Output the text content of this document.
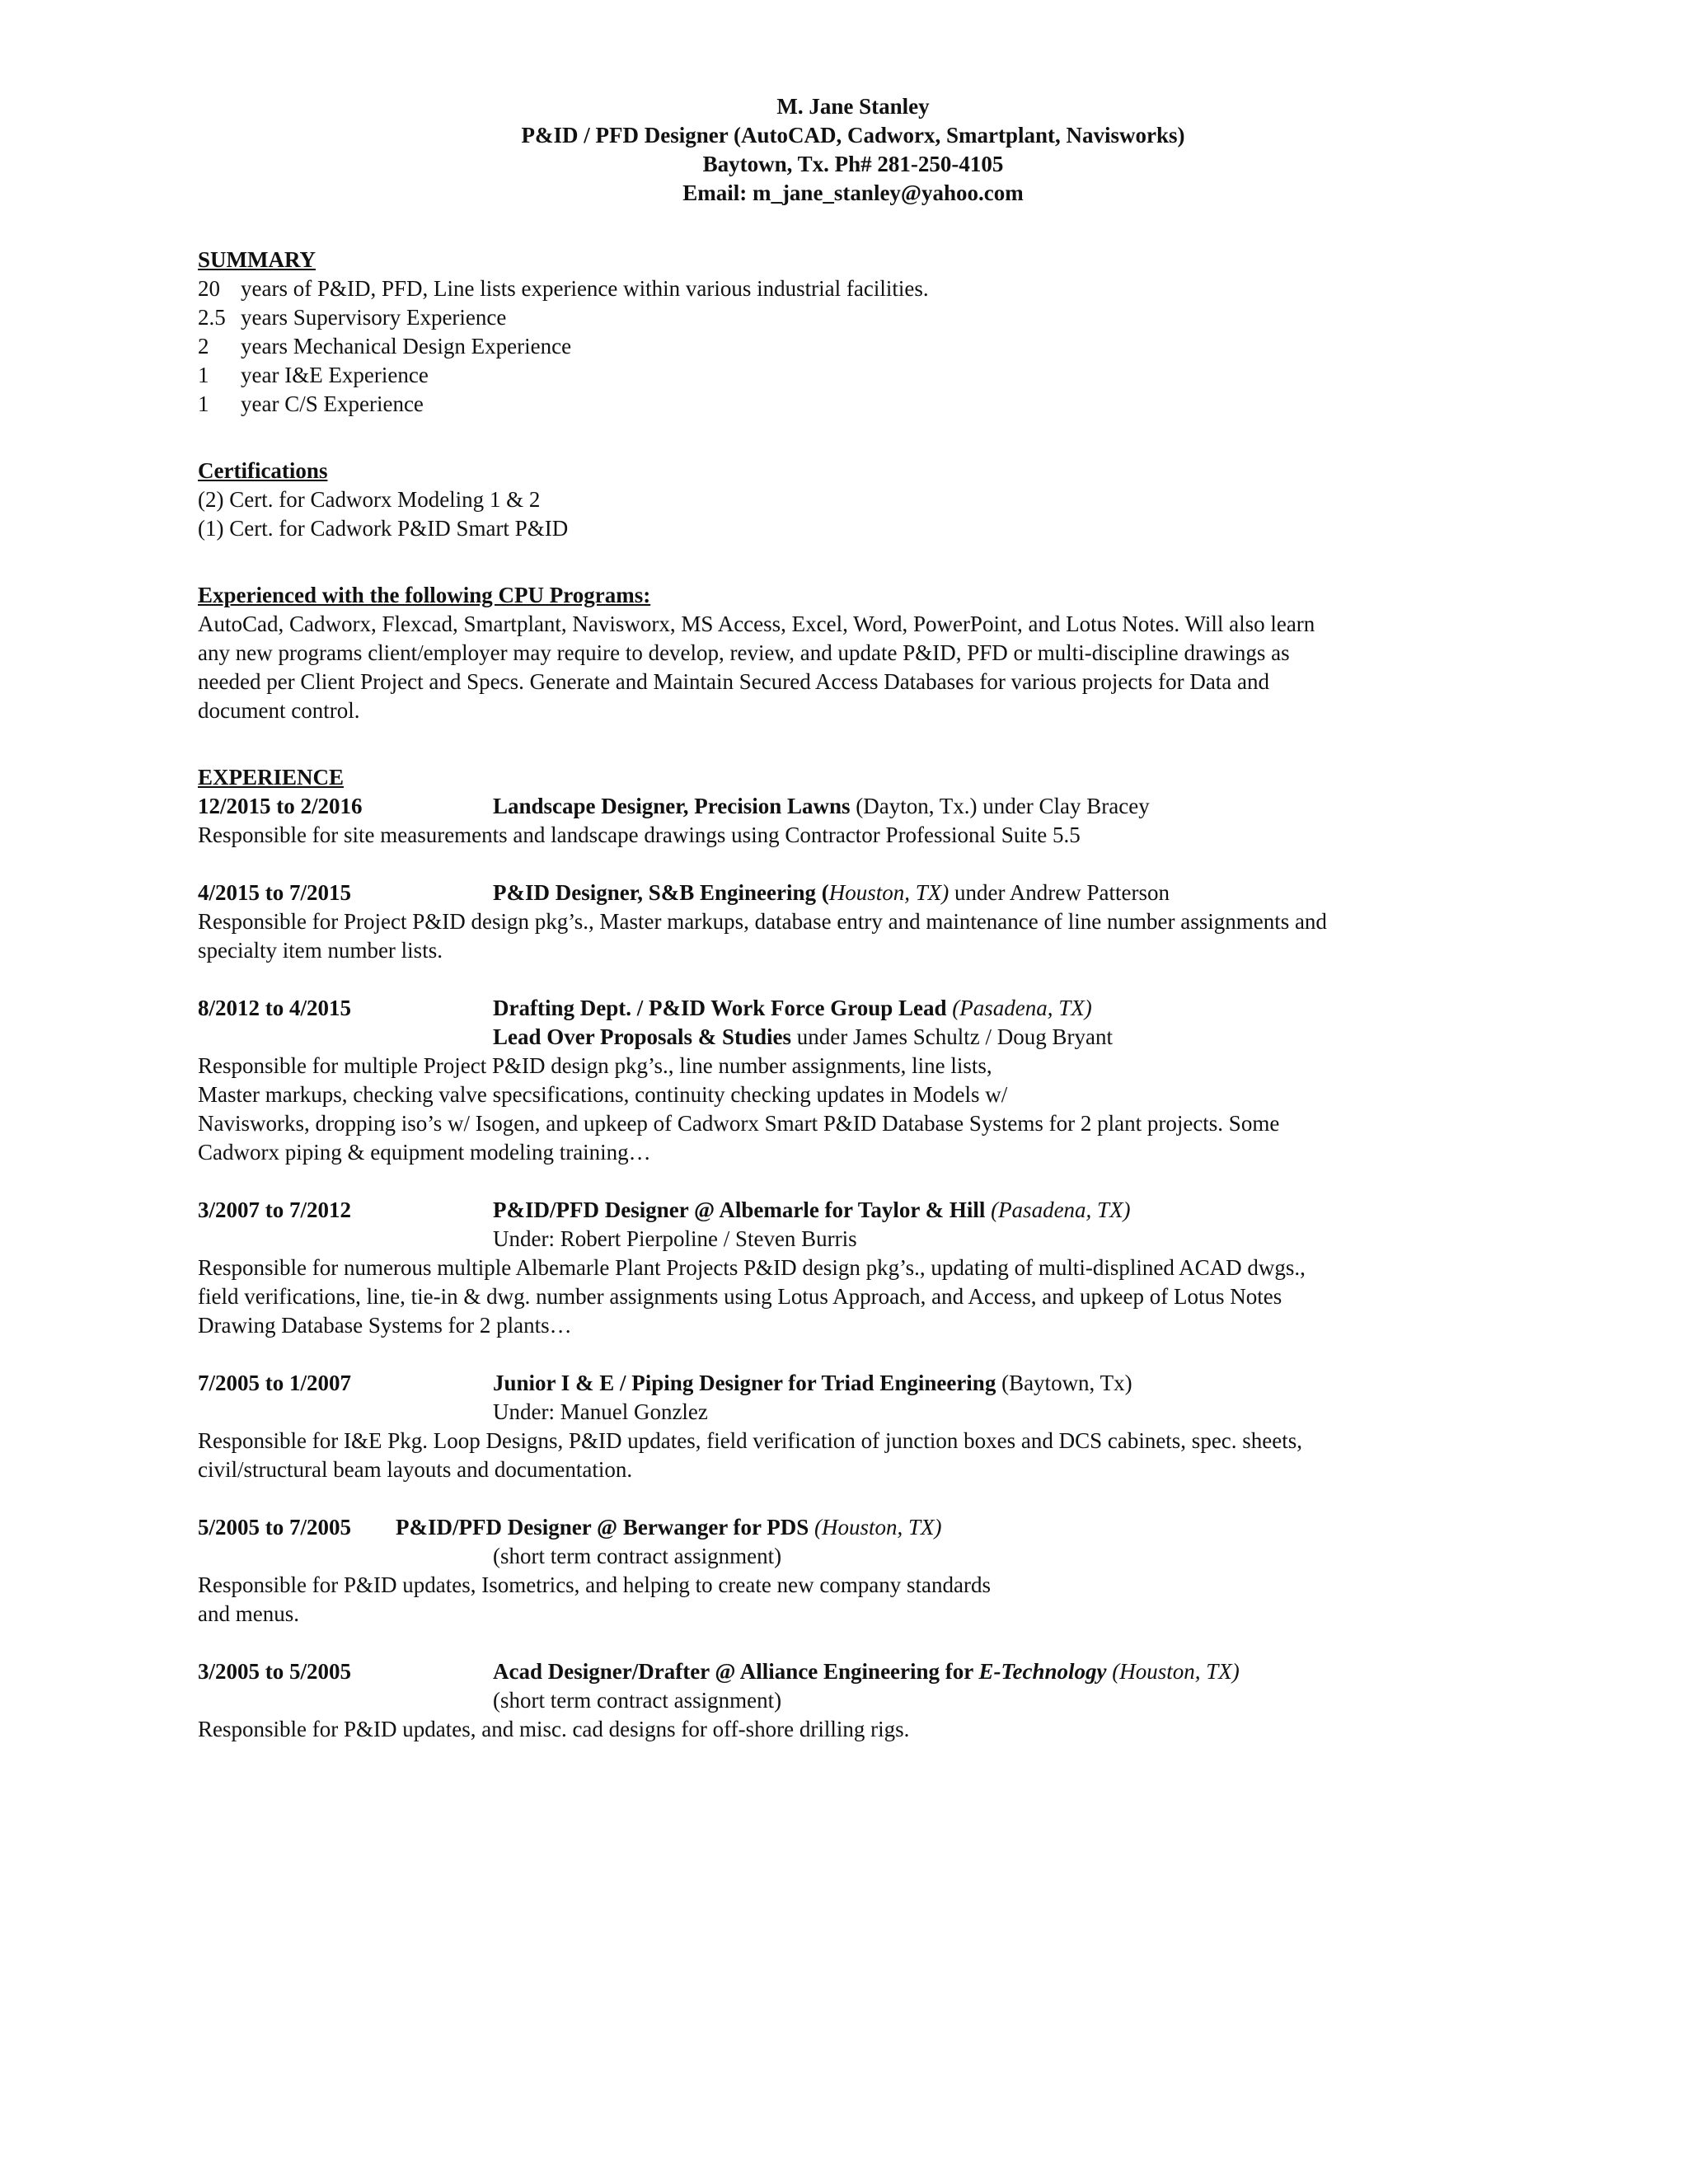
M. Jane Stanley
P&ID / PFD Designer (AutoCAD, Cadworx, Smartplant, Navisworks)
Baytown, Tx. Ph# 281-250-4105
Email: m_jane_stanley@yahoo.com
SUMMARY
20 years of P&ID, PFD, Line lists experience within various industrial facilities.
2.5 years Supervisory Experience
2	years Mechanical Design Experience
1	year I&E Experience
1	year C/S Experience
Certifications
(2) Cert. for Cadworx Modeling 1 & 2
(1) Cert. for Cadwork P&ID Smart P&ID
Experienced with the following CPU Programs:
AutoCad, Cadworx, Flexcad, Smartplant, Navisworx, MS Access, Excel, Word, PowerPoint, and Lotus Notes. Will also learn
any new programs client/employer may require to develop, review, and update P&ID, PFD or multi-discipline drawings as
needed per Client Project and Specs. Generate and Maintain Secured Access Databases for various projects for Data and
document control.
EXPERIENCE
12/2015 to 2/2016	Landscape Designer, Precision Lawns (Dayton, Tx.) under Clay Bracey
Responsible for site measurements and landscape drawings using Contractor Professional Suite 5.5
4/2015 to 7/2015	P&ID Designer, S&B Engineering (Houston, TX) under Andrew Patterson
Responsible for Project P&ID design pkg’s., Master markups, database entry and maintenance of line number assignments and
specialty item number lists.
8/2012 to 4/2015	Drafting Dept. / P&ID Work Force Group Lead (Pasadena, TX)
Lead Over Proposals & Studies under James Schultz / Doug Bryant
Responsible for multiple Project P&ID design pkg’s., line number assignments, line lists,
Master markups, checking valve specsifications, continuity checking updates in Models w/
Navisworks, dropping iso’s w/ Isogen, and upkeep of Cadworx Smart P&ID Database Systems for 2 plant projects. Some
Cadworx piping & equipment modeling training…
3/2007 to 7/2012	P&ID/PFD Designer @ Albemarle for Taylor & Hill (Pasadena, TX)
Under: Robert Pierpoline / Steven Burris
Responsible for numerous multiple Albemarle Plant Projects P&ID design pkg’s., updating of multi-displined ACAD dwgs.,
field verifications, line, tie-in & dwg. number assignments using Lotus Approach, and Access, and upkeep of Lotus Notes
Drawing Database Systems for 2 plants…
7/2005 to 1/2007	Junior I & E / Piping Designer for Triad Engineering (Baytown, Tx)
Under: Manuel Gonzlez
Responsible for I&E Pkg. Loop Designs, P&ID updates, field verification of junction boxes and DCS cabinets, spec. sheets,
civil/structural beam layouts and documentation.
5/2005 to 7/2005	P&ID/PFD Designer @ Berwanger for PDS (Houston, TX)
(short term contract assignment)
Responsible for P&ID updates, Isometrics, and helping to create new company standards
and menus.
3/2005 to 5/2005	Acad Designer/Drafter @ Alliance Engineering for E-Technology (Houston, TX)
(short term contract assignment)
Responsible for P&ID updates, and misc. cad designs for off-shore drilling rigs.
